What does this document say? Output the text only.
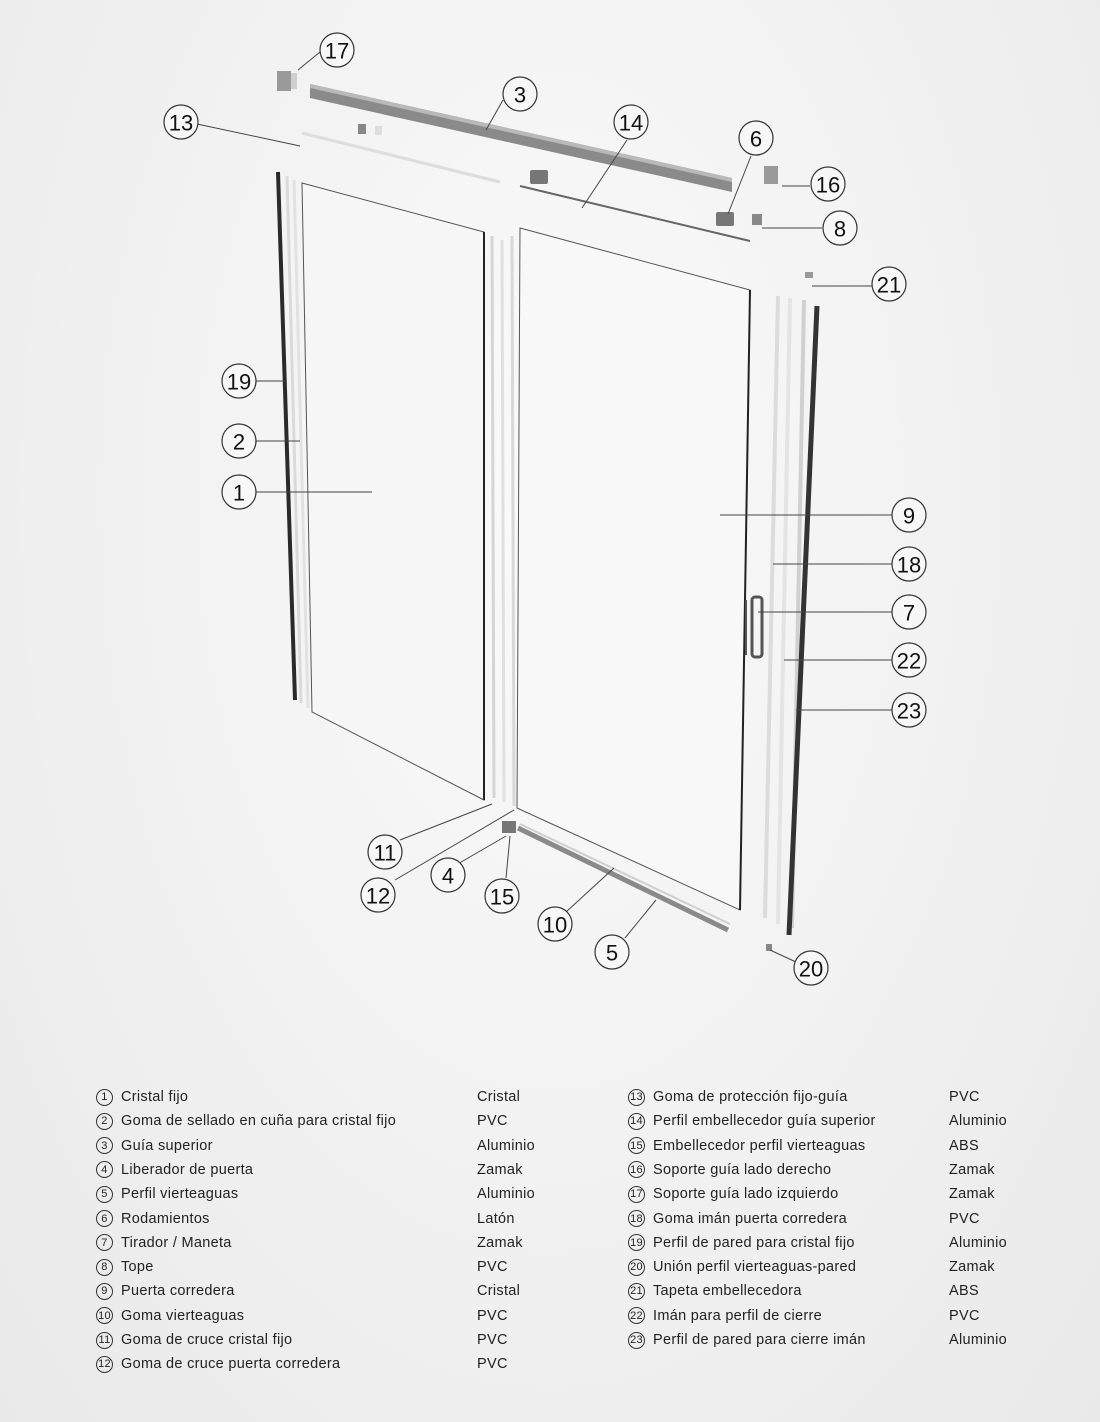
17
3
13	14
6
16
8
21
19
2
1
9
18
7
22
23
11
4
12	15
10
5
20
1 Cristal fijo	Cristal
2 Goma de sellado en cuña para cristal fijo	PVC
3 Guía superior	Aluminio
4 Liberador de puerta	Zamak
5 Perfil vierteaguas	Aluminio
6 Rodamientos	Latón
7 Tirador / Maneta	Zamak
8 Tope	PVC
9 Puerta corredera	Cristal
10 Goma vierteaguas	PVC
11 Goma de cruce cristal fijo	PVC
12 Goma de cruce puerta corredera	PVC
13 Goma de protección fijo-guía	PVC
14 Perfil embellecedor guía superior	Aluminio
15 Embellecedor perfil vierteaguas	ABS
16 Soporte guía lado derecho	Zamak
17 Soporte guía lado izquierdo	Zamak
18 Goma imán puerta corredera	PVC
19 Perfil de pared para cristal fijo	Aluminio
20 Unión perfil vierteaguas-pared	Zamak
21 Tapeta embellecedora	ABS
22 Imán para perfil de cierre	PVC
23 Perfil de pared para cierre imán	Aluminio
